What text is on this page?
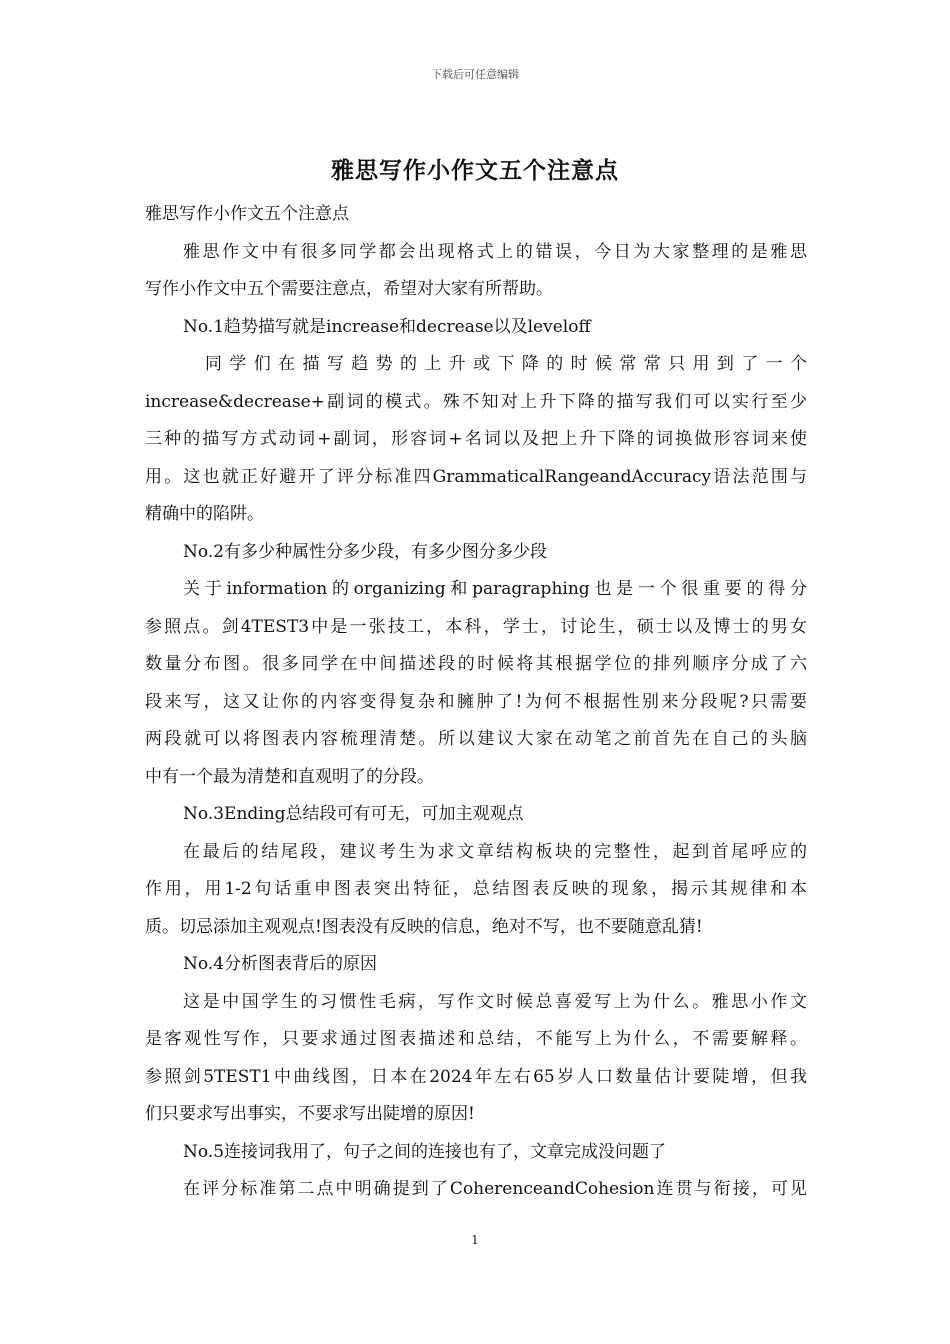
下载后可任意编辑
雅思写作小作文五个注意点
雅思写作小作文五个注意点
雅思作文中有很多同学都会出现格式上的错误，今日为大家整理的是雅思
写作小作文中五个需要注意点，希望对大家有所帮助。
No.1趋势描写就是increase和decrease以及leveloff
同学们在描写趋势的上升或下降的时候常常只用到了一个
increase&decrease+副词的模式。殊不知对上升下降的描写我们可以实行至少
三种的描写方式动词+副词，形容词+名词以及把上升下降的词换做形容词来使
用。这也就正好避开了评分标准四GrammaticalRangeandAccuracy语法范围与
精确中的陷阱。
No.2有多少种属性分多少段，有多少图分多少段
关于information的organizing和paragraphing也是一个很重要的得分
参照点。剑4TEST3中是一张技工，本科，学士，讨论生，硕士以及博士的男女
数量分布图。很多同学在中间描述段的时候将其根据学位的排列顺序分成了六
段来写，这又让你的内容变得复杂和臃肿了!为何不根据性别来分段呢?只需要
两段就可以将图表内容梳理清楚。所以建议大家在动笔之前首先在自己的头脑
中有一个最为清楚和直观明了的分段。
No.3Ending总结段可有可无，可加主观观点
在最后的结尾段，建议考生为求文章结构板块的完整性，起到首尾呼应的
作用，用1-2句话重申图表突出特征，总结图表反映的现象，揭示其规律和本
质。切忌添加主观观点!图表没有反映的信息，绝对不写，也不要随意乱猜!
No.4分析图表背后的原因
这是中国学生的习惯性毛病，写作文时候总喜爱写上为什么。雅思小作文
是客观性写作，只要求通过图表描述和总结，不能写上为什么，不需要解释。
参照剑5TEST1中曲线图，日本在2024年左右65岁人口数量估计要陡增，但我
们只要求写出事实，不要求写出陡增的原因!
No.5连接词我用了，句子之间的连接也有了，文章完成没问题了
在评分标准第二点中明确提到了CoherenceandCohesion连贯与衔接，可见
1
